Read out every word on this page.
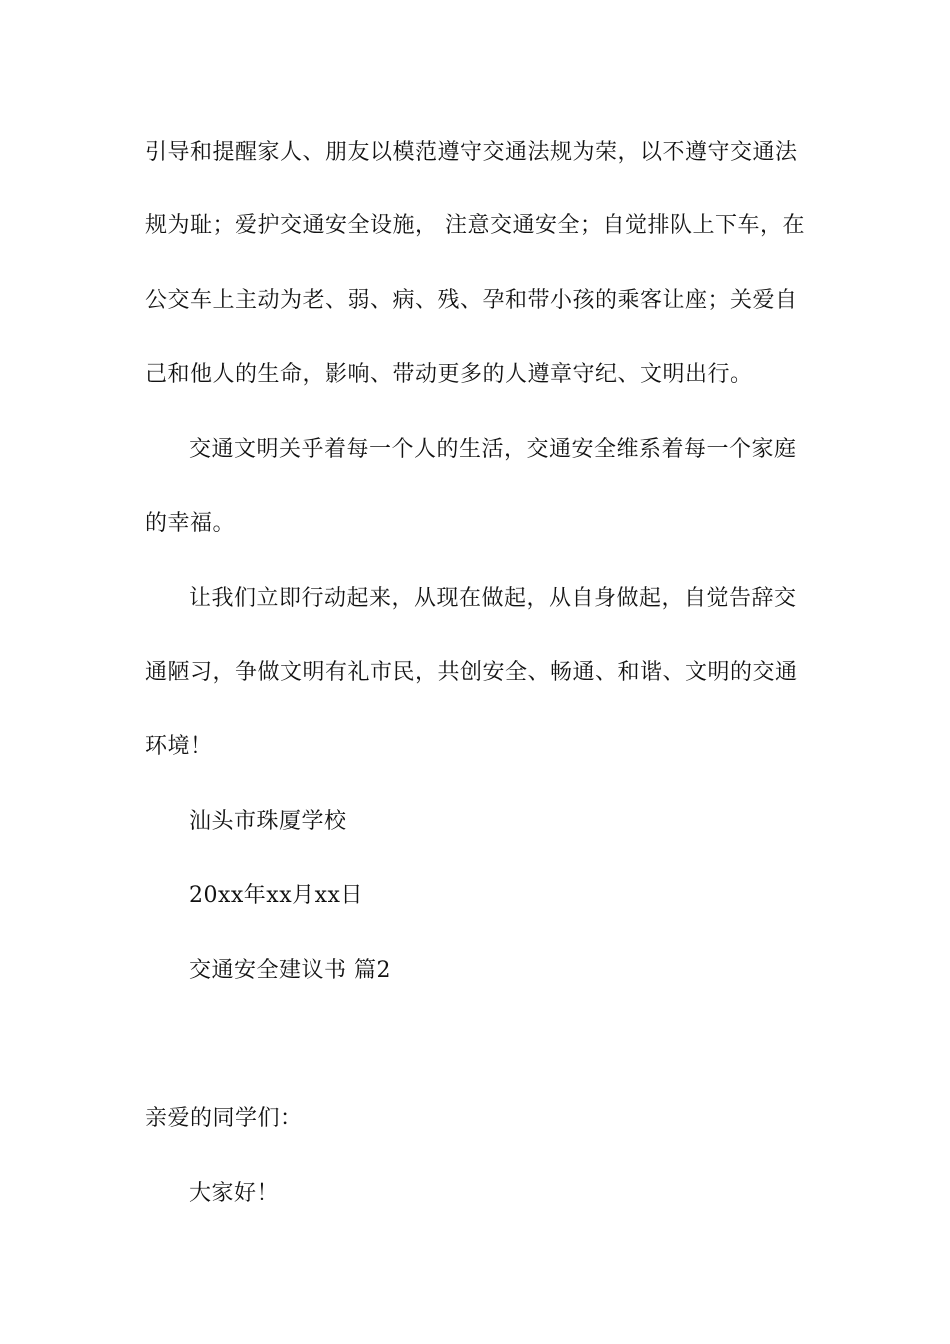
引导和提醒家人、朋友以模范遵守交通法规为荣，以不遵守交通法
规为耻；爱护交通安全设施， 注意交通安全；自觉排队上下车，在
公交车上主动为老、弱、病、残、孕和带小孩的乘客让座；关爱自
己和他人的生命，影响、带动更多的人遵章守纪、文明出行。
交通文明关乎着每一个人的生活，交通安全维系着每一个家庭
的幸福。
让我们立即行动起来，从现在做起，从自身做起，自觉告辞交
通陋习，争做文明有礼市民，共创安全、畅通、和谐、文明的交通
环境！
汕头市珠厦学校
20xx年xx月xx日
交通安全建议书 篇2
亲爱的同学们：
大家好！
